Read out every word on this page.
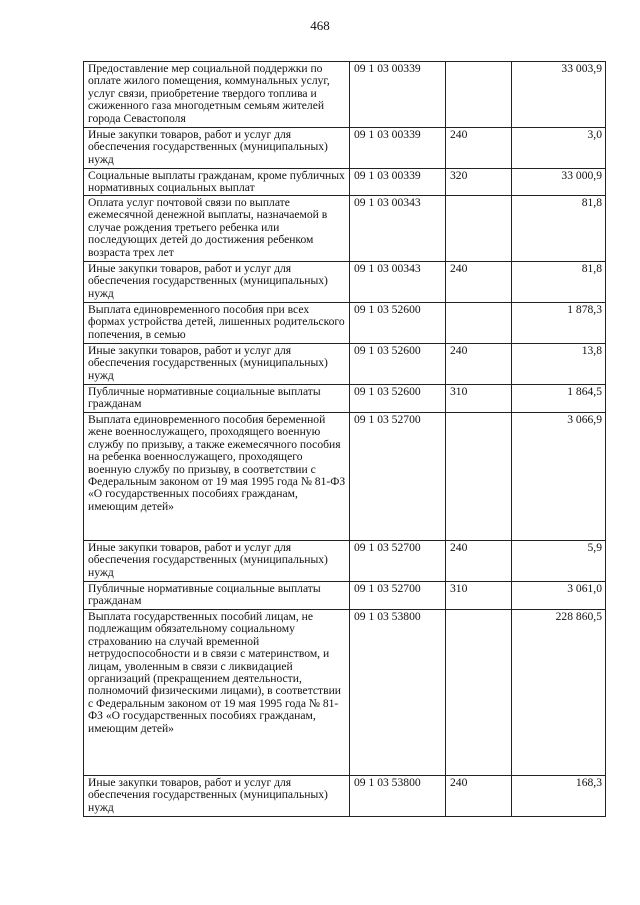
468
Предоставление мер социальной поддержки по оплате жилого помещения, коммунальных услуг, услуг связи, приобретение твердого топлива и сжиженного газа многодетным семьям жителей города Севастополя	09 1 03 00339		33 003,9
Иные закупки товаров, работ и услуг для обеспечения государственных (муниципальных) нужд	09 1 03 00339	240	3,0
Социальные выплаты гражданам, кроме публичных нормативных социальных выплат	09 1 03 00339	320	33 000,9
Оплата услуг почтовой связи по выплате ежемесячной денежной выплаты, назначаемой в случае рождения третьего ребенка или последующих детей до достижения ребенком возраста трех лет	09 1 03 00343		81,8
Иные закупки товаров, работ и услуг для обеспечения государственных (муниципальных) нужд	09 1 03 00343	240	81,8
Выплата единовременного пособия при всех формах устройства детей, лишенных родительского попечения, в семью	09 1 03 52600		1 878,3
Иные закупки товаров, работ и услуг для обеспечения государственных (муниципальных) нужд	09 1 03 52600	240	13,8
Публичные нормативные социальные выплаты гражданам	09 1 03 52600	310	1 864,5
Выплата единовременного пособия беременной жене военнослужащего, проходящего военную службу по призыву, а также ежемесячного пособия на ребенка военнослужащего, проходящего военную службу по призыву, в соответствии с Федеральным законом от 19 мая 1995 года № 81-ФЗ «О государственных пособиях гражданам, имеющим детей»	09 1 03 52700		3 066,9
Иные закупки товаров, работ и услуг для обеспечения государственных (муниципальных) нужд	09 1 03 52700	240	5,9
Публичные нормативные социальные выплаты гражданам	09 1 03 52700	310	3 061,0
Выплата государственных пособий лицам, не подлежащим обязательному социальному страхованию на случай временной нетрудоспособности и в связи с материнством, и лицам, уволенным в связи с ликвидацией организаций (прекращением деятельности, полномочий физическими лицами), в соответствии с Федеральным законом от 19 мая 1995 года № 81-ФЗ «О государственных пособиях гражданам, имеющим детей»	09 1 03 53800		228 860,5
Иные закупки товаров, работ и услуг для обеспечения государственных (муниципальных) нужд	09 1 03 53800	240	168,3
